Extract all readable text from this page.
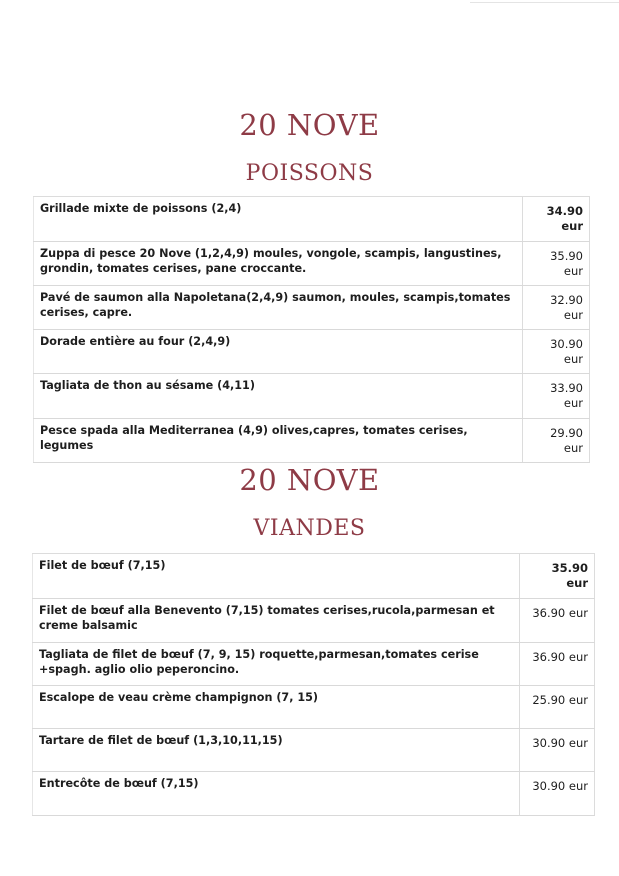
20 NOVE
POISSONS
Grillade mixte de poissons (2,4)	34.90 eur
Zuppa di pesce 20 Nove (1,2,4,9) moules, vongole, scampis, langustines, grondin, tomates cerises, pane croccante.	35.90 eur
Pavé de saumon alla Napoletana(2,4,9) saumon, moules, scampis,tomates cerises, capre.	32.90 eur
Dorade entière au four (2,4,9)	30.90 eur
Tagliata de thon au sésame (4,11)	33.90 eur
Pesce spada alla Mediterranea (4,9) olives,capres, tomates cerises, legumes	29.90 eur
20 NOVE
VIANDES
Filet de bœuf (7,15)	35.90 eur
Filet de bœuf alla Benevento (7,15) tomates cerises,rucola,parmesan et creme balsamic	36.90 eur
Tagliata de filet de bœuf (7, 9, 15) roquette,parmesan,tomates cerise +spagh. aglio olio peperoncino.	36.90 eur
Escalope de veau crème champignon (7, 15)	25.90 eur
Tartare de filet de bœuf (1,3,10,11,15)	30.90 eur
Entrecôte de bœuf (7,15)	30.90 eur
